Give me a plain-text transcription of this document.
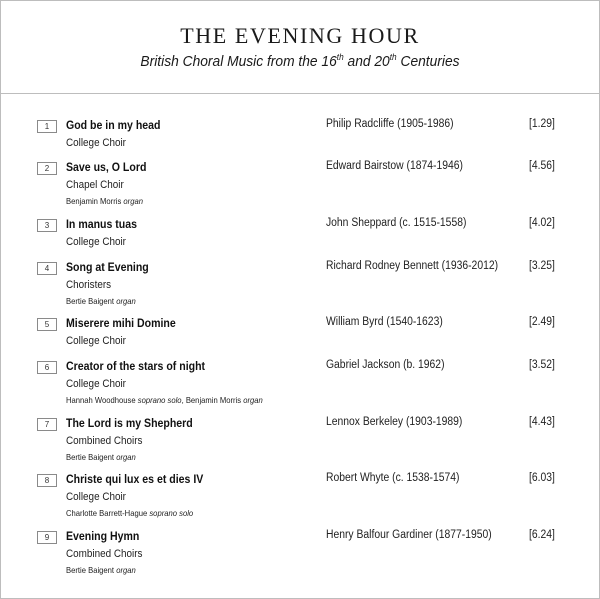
THE EVENING HOUR
British Choral Music from the 16th and 20th Centuries
1	God be in my head
College Choir
Philip Radcliffe (1905-1986)	[1.29]
2	Save us, O Lord
Chapel Choir
Benjamin Morris organ
Edward Bairstow (1874-1946)	[4.56]
3	In manus tuas
College Choir
John Sheppard (c. 1515-1558)	[4.02]
4	Song at Evening
Choristers
Bertie Baigent organ
Richard Rodney Bennett (1936-2012)	[3.25]
5	Miserere mihi Domine
College Choir
William Byrd (1540-1623)	[2.49]
6	Creator of the stars of night
College Choir
Hannah Woodhouse soprano solo, Benjamin Morris organ
Gabriel Jackson (b. 1962)	[3.52]
7	The Lord is my Shepherd
Combined Choirs
Bertie Baigent organ
Lennox Berkeley (1903-1989)	[4.43]
8	Christe qui lux es et dies IV
College Choir
Charlotte Barrett-Hague soprano solo
Robert Whyte (c. 1538-1574)	[6.03]
9	Evening Hymn
Combined Choirs
Bertie Baigent organ
Henry Balfour Gardiner (1877-1950)	[6.24]
